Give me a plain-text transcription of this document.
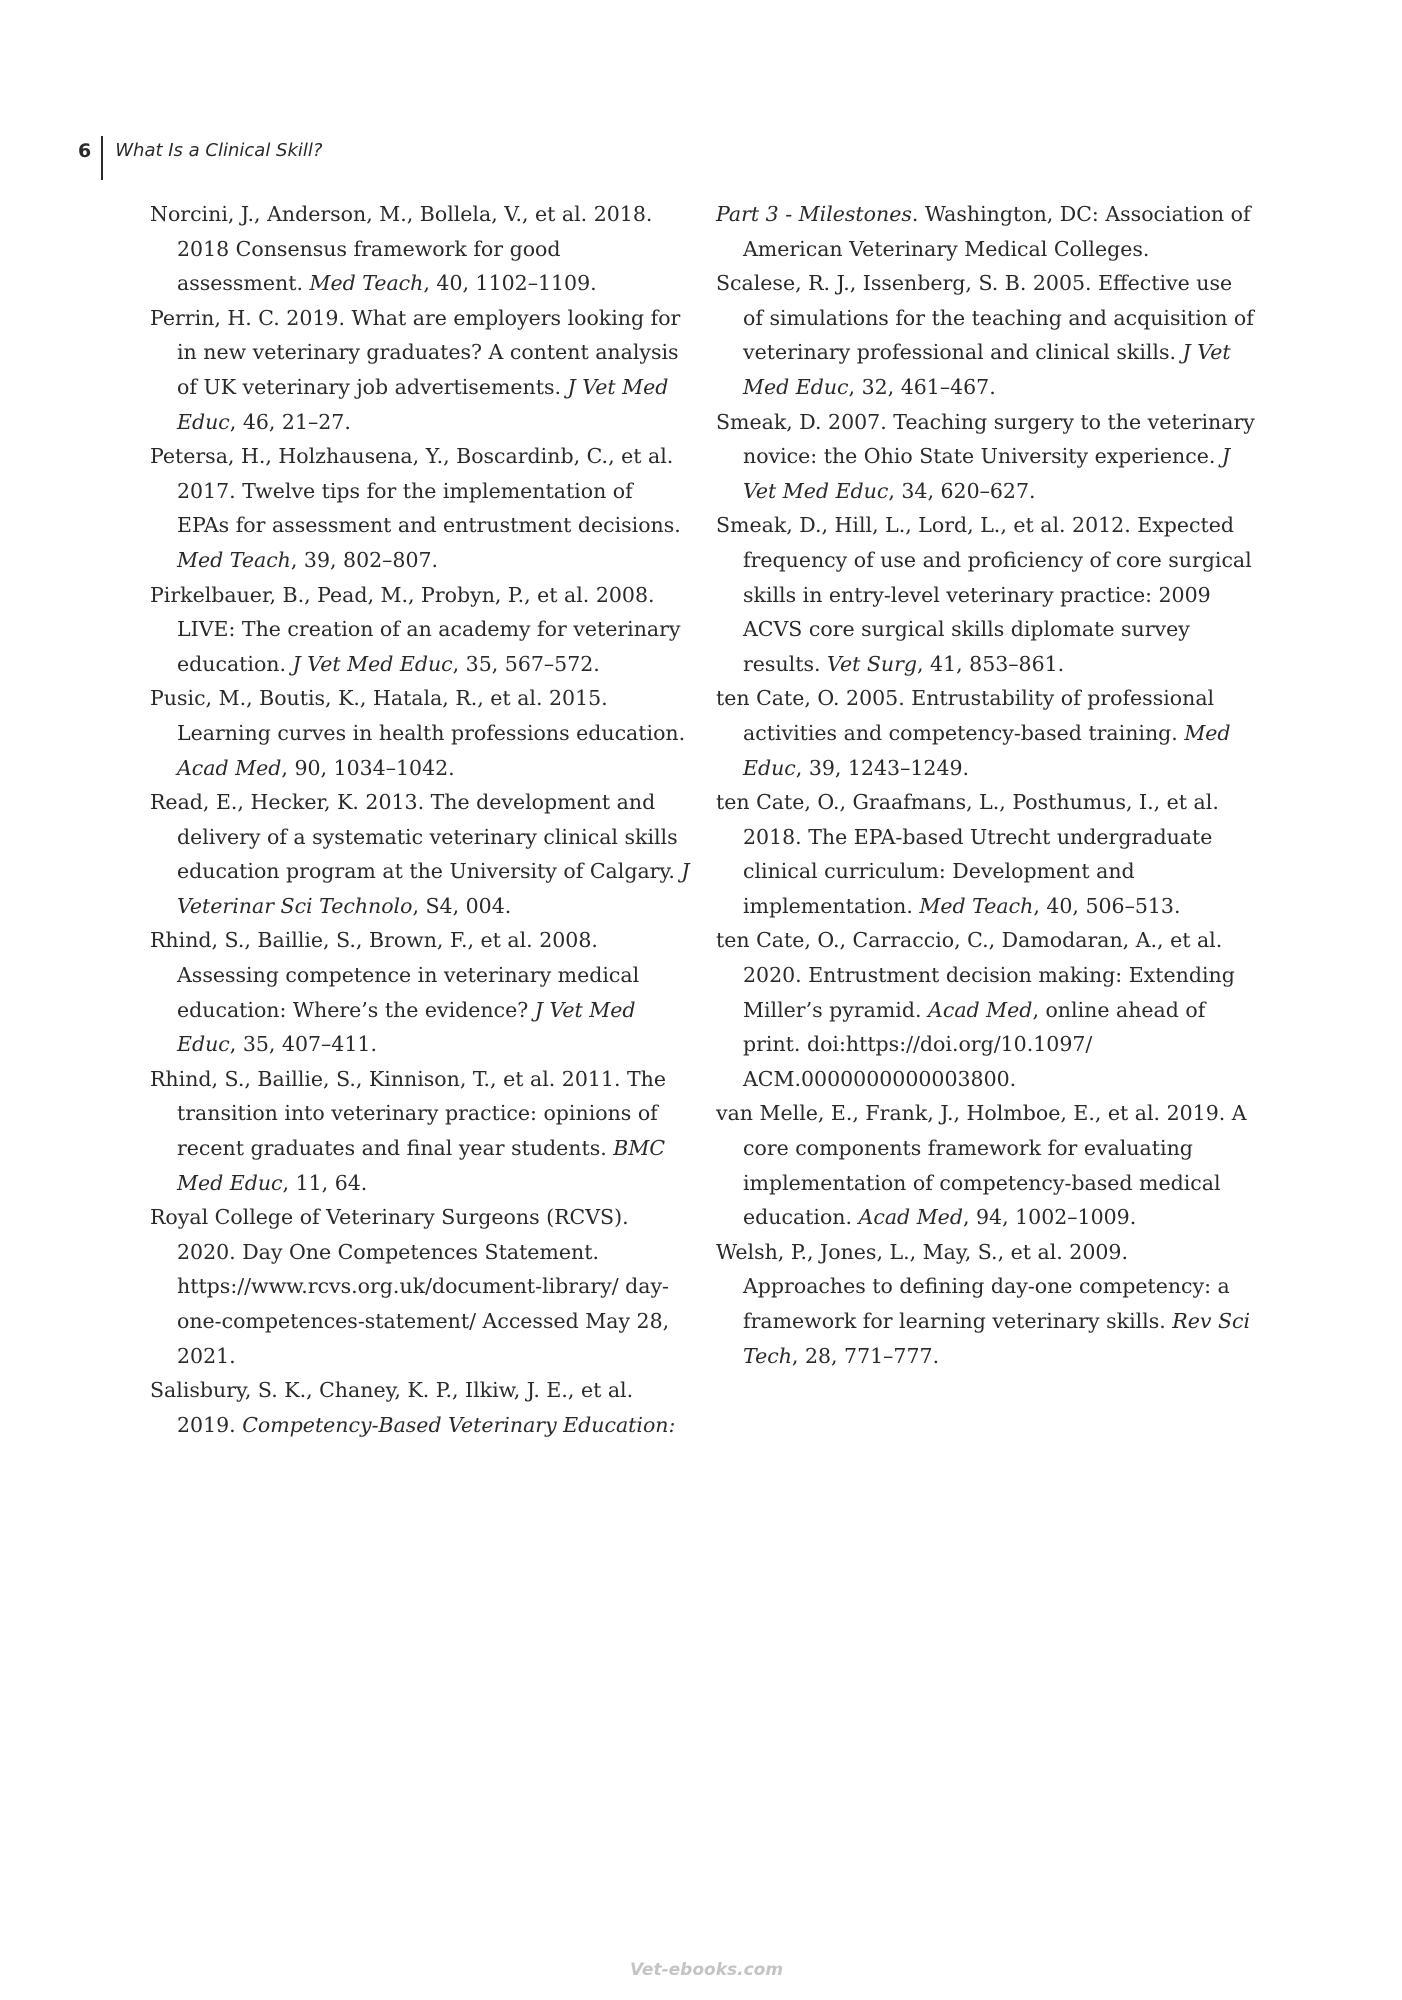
6	What Is a Clinical Skill?

Norcini, J., Anderson, M., Bollela, V., et al. 2018. 2018 Consensus framework for good assessment. Med Teach, 40, 1102–1109.

Perrin, H. C. 2019. What are employers looking for in new veterinary graduates? A content analysis of UK veterinary job advertisements. J Vet Med Educ, 46, 21–27.

Petersa, H., Holzhausena, Y., Boscardinb, C., et al. 2017. Twelve tips for the implementation of EPAs for assessment and entrustment decisions. Med Teach, 39, 802–807.

Pirkelbauer, B., Pead, M., Probyn, P., et al. 2008. LIVE: The creation of an academy for veterinary education. J Vet Med Educ, 35, 567–572.

Pusic, M., Boutis, K., Hatala, R., et al. 2015. Learning curves in health professions education. Acad Med, 90, 1034–1042.

Read, E., Hecker, K. 2013. The development and delivery of a systematic veterinary clinical skills education program at the University of Calgary. J Veterinar Sci Technolo, S4, 004.

Rhind, S., Baillie, S., Brown, F., et al. 2008. Assessing competence in veterinary medical education: Where’s the evidence? J Vet Med Educ, 35, 407–411.

Rhind, S., Baillie, S., Kinnison, T., et al. 2011. The transition into veterinary practice: opinions of recent graduates and final year students. BMC Med Educ, 11, 64.

Royal College of Veterinary Surgeons (RCVS). 2020. Day One Competences Statement. https://www.rcvs.org.uk/document-library/ day-one-competences-statement/ Accessed May 28, 2021.

Salisbury, S. K., Chaney, K. P., Ilkiw, J. E., et al. 2019. Competency-Based Veterinary Education:

Part 3 - Milestones. Washington, DC: Association of American Veterinary Medical Colleges.

Scalese, R. J., Issenberg, S. B. 2005. Effective use of simulations for the teaching and acquisition of veterinary professional and clinical skills. J Vet Med Educ, 32, 461–467.

Smeak, D. 2007. Teaching surgery to the veterinary novice: the Ohio State University experience. J Vet Med Educ, 34, 620–627.

Smeak, D., Hill, L., Lord, L., et al. 2012. Expected frequency of use and proficiency of core surgical skills in entry-level veterinary practice: 2009 ACVS core surgical skills diplomate survey results. Vet Surg, 41, 853–861.

ten Cate, O. 2005. Entrustability of professional activities and competency-based training. Med Educ, 39, 1243–1249.

ten Cate, O., Graafmans, L., Posthumus, I., et al. 2018. The EPA-based Utrecht undergraduate clinical curriculum: Development and implementation. Med Teach, 40, 506–513.

ten Cate, O., Carraccio, C., Damodaran, A., et al. 2020. Entrustment decision making: Extending Miller’s pyramid. Acad Med, online ahead of print. doi:https://doi.org/10.1097/ ACM.0000000000003800.

van Melle, E., Frank, J., Holmboe, E., et al. 2019. A core components framework for evaluating implementation of competency-based medical education. Acad Med, 94, 1002–1009.

Welsh, P., Jones, L., May, S., et al. 2009. Approaches to defining day-one competency: a framework for learning veterinary skills. Rev Sci Tech, 28, 771–777.

Vet-ebooks.com
